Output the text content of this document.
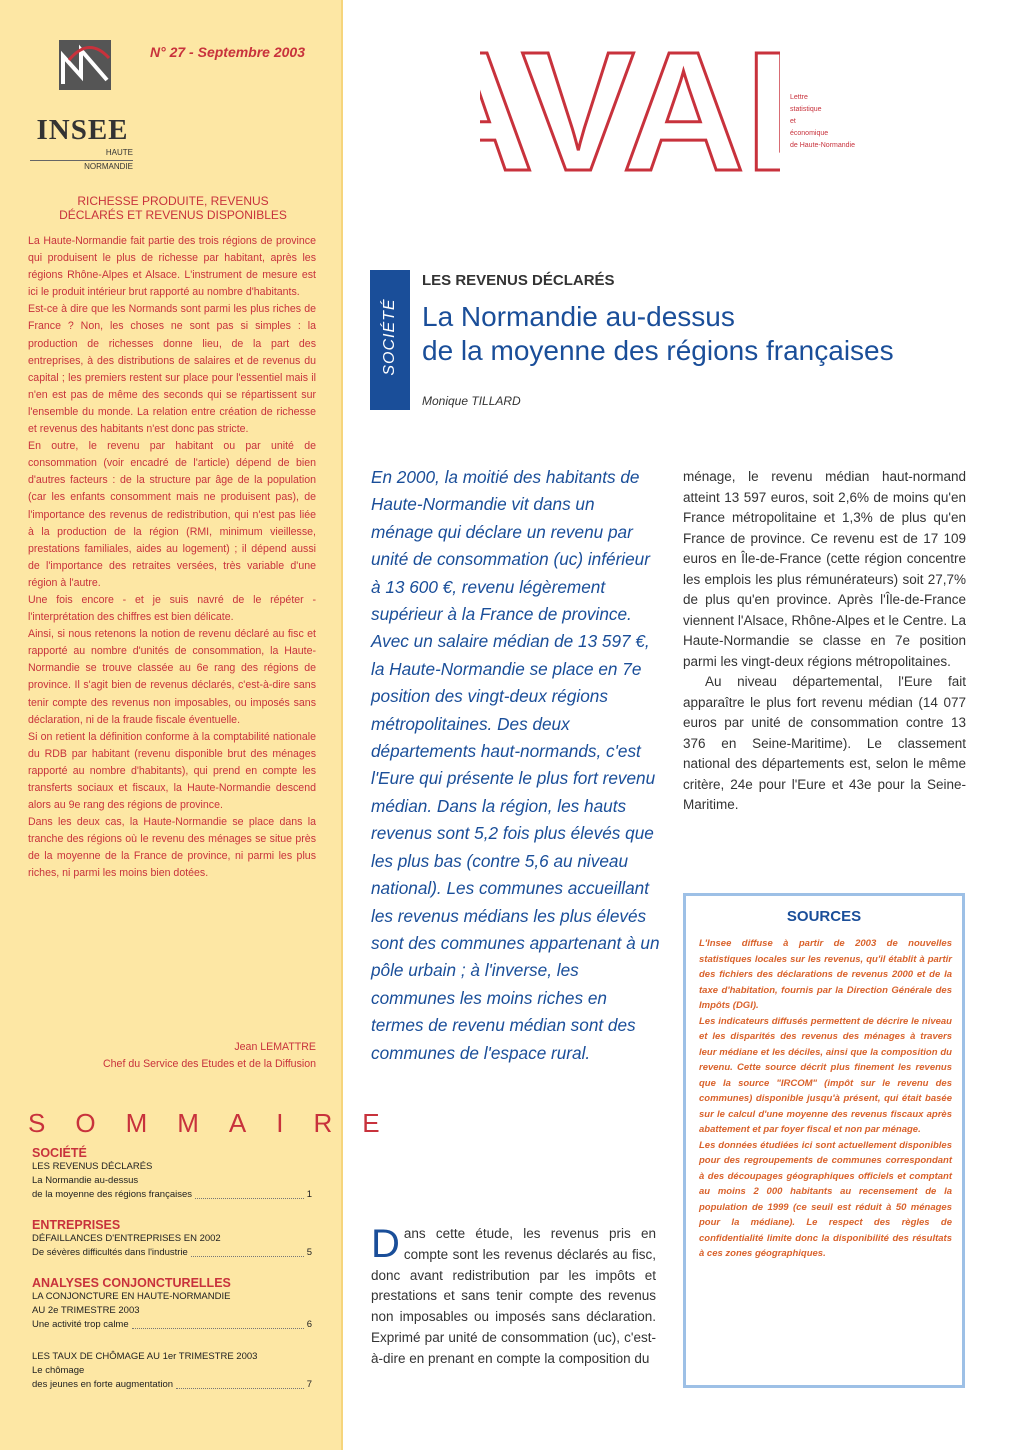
INSEE
HAUTE
NORMANDIE
N° 27 - Septembre 2003
RICHESSE PRODUITE, REVENUS
DÉCLARÉS ET REVENUS DISPONIBLES

La Haute-Normandie fait partie des trois régions de province qui produisent le plus de richesse par habitant, après les régions Rhône-Alpes et Alsace. L'instrument de mesure est ici le produit intérieur brut rapporté au nombre d'habitants.

Est-ce à dire que les Normands sont parmi les plus riches de France ? Non, les choses ne sont pas si simples : la production de richesses donne lieu, de la part des entreprises, à des distributions de salaires et de revenus du capital ; les premiers restent sur place pour l'essentiel mais il n'en est pas de même des seconds qui se répartissent sur l'ensemble du monde. La relation entre création de richesse et revenus des habitants n'est donc pas stricte.

En outre, le revenu par habitant ou par unité de consommation (voir encadré de l'article) dépend de bien d'autres facteurs : de la structure par âge de la population (car les enfants consomment mais ne produisent pas), de l'importance des revenus de redistribution, qui n'est pas liée à la production de la région (RMI, minimum vieillesse, prestations familiales, aides au logement) ; il dépend aussi de l'importance des retraites versées, très variable d'une région à l'autre.

Une fois encore - et je suis navré de le répéter - l'interprétation des chiffres est bien délicate.

Ainsi, si nous retenons la notion de revenu déclaré au fisc et rapporté au nombre d'unités de consommation, la Haute-Normandie se trouve classée au 6e rang des régions de province. Il s'agit bien de revenus déclarés, c'est-à-dire sans tenir compte des revenus non imposables, ou imposés sans déclaration, ni de la fraude fiscale éventuelle.

Si on retient la définition conforme à la comptabilité nationale du RDB par habitant (revenu disponible brut des ménages rapporté au nombre d'habitants), qui prend en compte les transferts sociaux et fiscaux, la Haute-Normandie descend alors au 9e rang des régions de province.

Dans les deux cas, la Haute-Normandie se place dans la tranche des régions où le revenu des ménages se situe près de la moyenne de la France de province, ni parmi les plus riches, ni parmi les moins bien dotées.

Jean LEMATTRE
Chef du Service des Etudes et de la Diffusion
SOMMAIRE
SOCIÉTÉ
LES REVENUS DÉCLARÉS
La Normandie au-dessus
de la moyenne des régions françaises	1
ENTREPRISES
DÉFAILLANCES D'ENTREPRISES EN 2002
De sévères difficultés dans l'industrie	5
ANALYSES CONJONCTURELLES
LA CONJONCTURE EN HAUTE-NORMANDIE
AU 2e TRIMESTRE 2003
Une activité trop calme	6
LES TAUX DE CHÔMAGE AU 1er TRIMESTRE 2003
Le chômage
des jeunes en forte augmentation	7
VA	Lettre
statistique
et
économique
de Haute-Normandie
SOCIÉTÉ
LES REVENUS DÉCLARÉS
La Normandie au-dessus
de la moyenne des régions françaises
Monique TILLARD
En 2000, la moitié des habitants de Haute-Normandie vit dans un ménage qui déclare un revenu par unité de consommation (uc) inférieur à 13 600 €, revenu légèrement supérieur à la France de province. Avec un salaire médian de 13 597 €, la Haute-Normandie se place en 7e position des vingt-deux régions métropolitaines. Des deux départements haut-normands, c'est l'Eure qui présente le plus fort revenu médian. Dans la région, les hauts revenus sont 5,2 fois plus élevés que les plus bas (contre 5,6 au niveau national). Les communes accueillant les revenus médians les plus élevés sont des communes appartenant à un pôle urbain ; à l'inverse, les communes les moins riches en termes de revenu médian sont des communes de l'espace rural.
D ans cette étude, les revenus pris en compte sont les revenus déclarés au fisc, donc avant redistribution par les impôts et prestations et sans tenir compte des revenus non imposables ou imposés sans déclaration. Exprimé par unité de consommation (uc), c'est-à-dire en prenant en compte la composition du

ménage, le revenu médian haut-normand atteint 13 597 euros, soit 2,6% de moins qu'en France métropolitaine et 1,3% de plus qu'en France de province. Ce revenu est de 17 109 euros en Île-de-France (cette région concentre les emplois les plus rémunérateurs) soit 27,7% de plus qu'en province. Après l'Île-de-France viennent l'Alsace, Rhône-Alpes et le Centre. La Haute-Normandie se classe en 7e position parmi les vingt-deux régions métropolitaines.

Au niveau départemental, l'Eure fait apparaître le plus fort revenu médian (14 077 euros par unité de consommation contre 13 376 en Seine-Maritime). Le classement national des départements est, selon le même critère, 24e pour l'Eure et 43e pour la Seine-Maritime.

SOURCES

L'Insee diffuse à partir de 2003 de nouvelles statistiques locales sur les revenus, qu'il établit à partir des fichiers des déclarations de revenus 2000 et de la taxe d'habitation, fournis par la Direction Générale des Impôts (DGI).

Les indicateurs diffusés permettent de décrire le niveau et les disparités des revenus des ménages à travers leur médiane et les déciles, ainsi que la composition du revenu. Cette source décrit plus finement les revenus que la source "IRCOM" (impôt sur le revenu des communes) disponible jusqu'à présent, qui était basée sur le calcul d'une moyenne des revenus fiscaux après abattement et par foyer fiscal et non par ménage.

Les données étudiées ici sont actuellement disponibles pour des regroupements de communes correspondant à des découpages géographiques officiels et comptant au moins 2 000 habitants au recensement de la population de 1999 (ce seuil est réduit à 50 ménages pour la médiane). Le respect des règles de confidentialité limite donc la disponibilité des résultats à ces zones géographiques.
